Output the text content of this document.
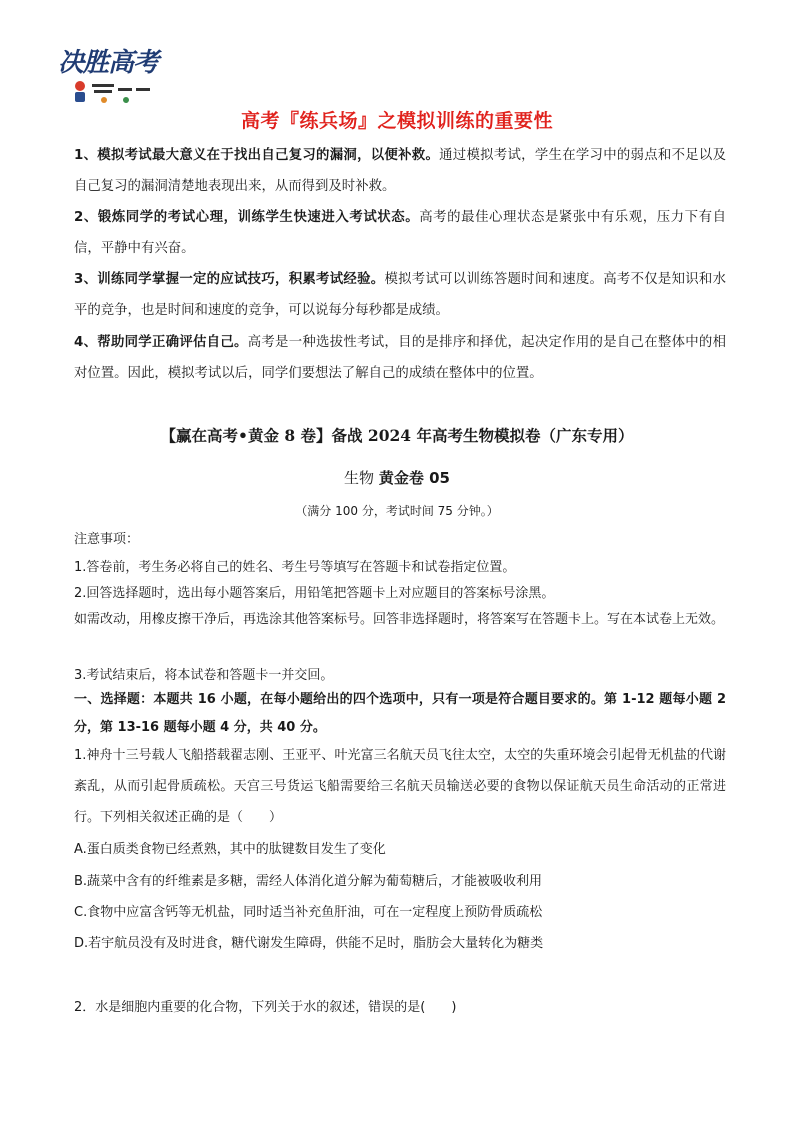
决胜高考
高考『练兵场』之模拟训练的重要性
1、模拟考试最大意义在于找出自己复习的漏洞，以便补救。通过模拟考试，学生在学习中的弱点和不足以及自己复习的漏洞清楚地表现出来，从而得到及时补救。
2、锻炼同学的考试心理，训练学生快速进入考试状态。高考的最佳心理状态是紧张中有乐观，压力下有自信，平静中有兴奋。
3、训练同学掌握一定的应试技巧，积累考试经验。模拟考试可以训练答题时间和速度。高考不仅是知识和水平的竞争，也是时间和速度的竞争，可以说每分每秒都是成绩。
4、帮助同学正确评估自己。高考是一种选拔性考试，目的是排序和择优，起决定作用的是自己在整体中的相对位置。因此，模拟考试以后，同学们要想法了解自己的成绩在整体中的位置。
【赢在高考•黄金 8 卷】备战 2024 年高考生物模拟卷（广东专用）
生物 黄金卷 05
（满分 100 分，考试时间 75 分钟。）
注意事项：
1.答卷前，考生务必将自己的姓名、考生号等填写在答题卡和试卷指定位置。
2.回答选择题时，选出每小题答案后，用铅笔把答题卡上对应题目的答案标号涂黑。
如需改动，用橡皮擦干净后，再选涂其他答案标号。回答非选择题时，将答案写在答题卡上。写在本试卷上无效。
3.考试结束后，将本试卷和答题卡一并交回。
一、选择题：本题共 16 小题，在每小题给出的四个选项中，只有一项是符合题目要求的。第 1-12 题每小题 2 分，第 13-16 题每小题 4 分，共 40 分。
1.神舟十三号载人飞船搭载翟志刚、王亚平、叶光富三名航天员飞往太空，太空的失重环境会引起骨无机盐的代谢紊乱，从而引起骨质疏松。天宫三号货运飞船需要给三名航天员输送必要的食物以保证航天员生命活动的正常进行。下列相关叙述正确的是（　　）
A.蛋白质类食物已经煮熟，其中的肽键数目发生了变化
B.蔬菜中含有的纤维素是多糖，需经人体消化道分解为葡萄糖后，才能被吸收利用
C.食物中应富含钙等无机盐，同时适当补充鱼肝油，可在一定程度上预防骨质疏松
D.若宇航员没有及时进食，糖代谢发生障碍，供能不足时，脂肪会大量转化为糖类
2．水是细胞内重要的化合物，下列关于水的叙述，错误的是(　　)
